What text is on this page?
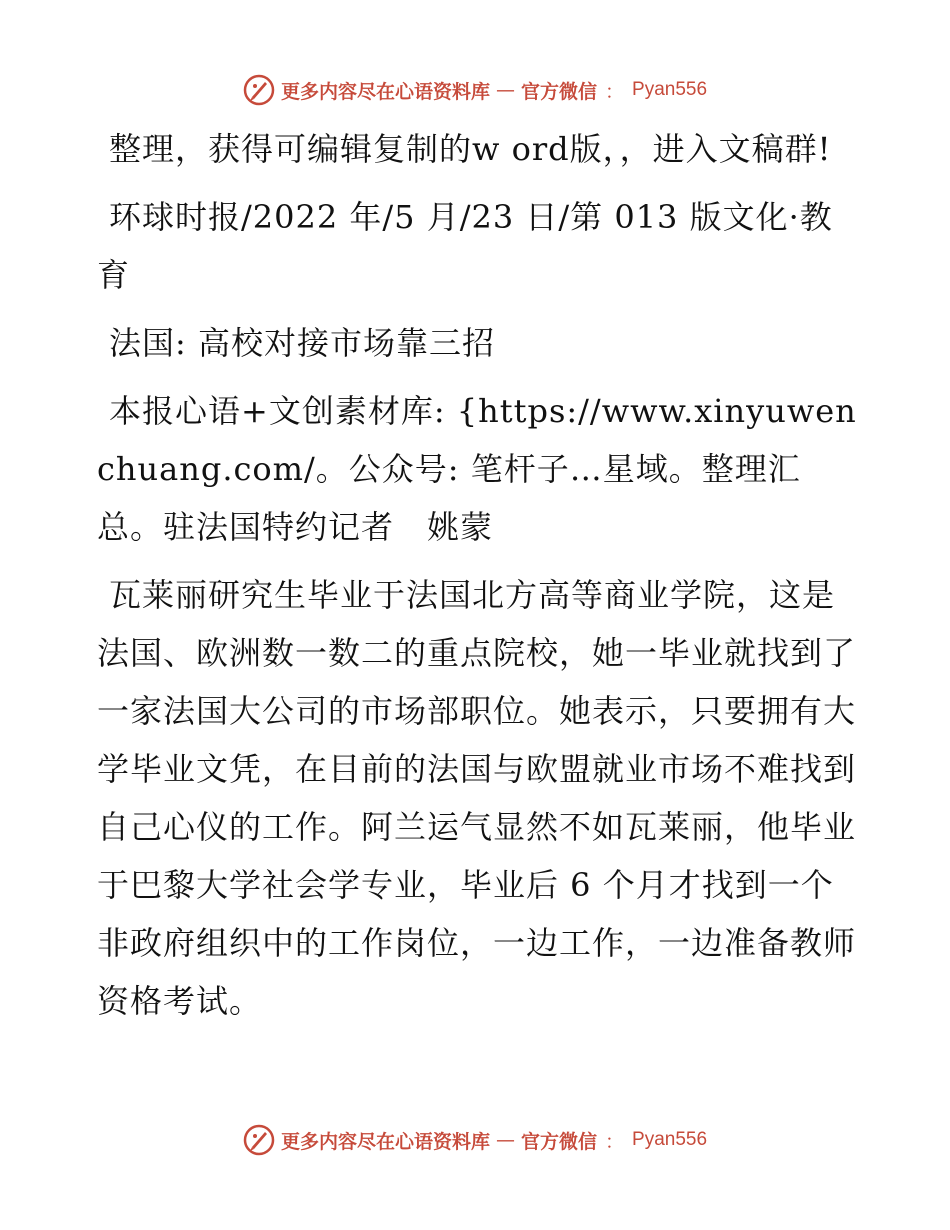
更多内容尽在心语资料库 — 官方微信 ： Pyan556

整理，获得可编辑复制的w ord版，，进入文稿群!

环球时报/2022 年/5 月/23 日/第 013 版文化·教育

法国: 高校对接市场靠三招

本报心语+文创素材库: {https://www.xinyuwenchuang.com/。公众号: 笔杆子…星域。整理汇总。驻法国特约记者　姚蒙

瓦莱丽研究生毕业于法国北方高等商业学院，这是法国、欧洲数一数二的重点院校，她一毕业就找到了一家法国大公司的市场部职位。她表示，只要拥有大学毕业文凭，在目前的法国与欧盟就业市场不难找到自己心仪的工作。阿兰运气显然不如瓦莱丽，他毕业于巴黎大学社会学专业，毕业后 6 个月才找到一个非政府组织中的工作岗位，一边工作，一边准备教师资格考试。

更多内容尽在心语资料库 — 官方微信 ： Pyan556
